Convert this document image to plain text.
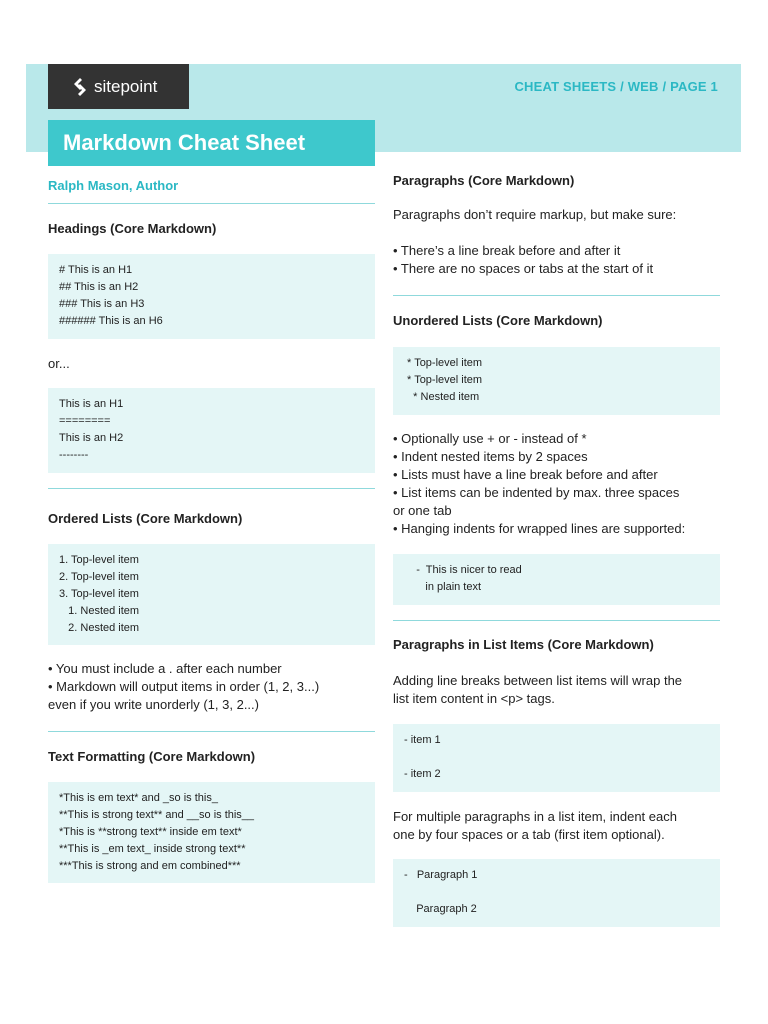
sitepoint	CHEAT SHEETS / WEB / PAGE 1
Markdown Cheat Sheet
Ralph Mason, Author
Headings (Core Markdown)
# This is an H1
## This is an H2
### This is an H3
###### This is an H6
or...
This is an H1
========
This is an H2
--------
Ordered Lists (Core Markdown)
1. Top-level item
2. Top-level item
3. Top-level item
1. Nested item
2. Nested item
• You must include a . after each number
• Markdown will output items in order (1, 2, 3...)
even if you write unorderly (1, 3, 2...)
Text Formatting (Core Markdown)
*This is em text* and _so is this_
**This is strong text** and __so is this__
*This is **strong text** inside em text*
**This is _em text_ inside strong text**
***This is strong and em combined***
Paragraphs (Core Markdown)
Paragraphs don’t require markup, but make sure:
• There’s a line break before and after it
• There are no spaces or tabs at the start of it
Unordered Lists (Core Markdown)
* Top-level item
* Top-level item
* Nested item
• Optionally use + or - instead of *
• Indent nested items by 2 spaces
• Lists must have a line break before and after
• List items can be indented by max. three spaces
or one tab
• Hanging indents for wrapped lines are supported:
-  This is nicer to read
in plain text
Paragraphs in List Items (Core Markdown)
Adding line breaks between list items will wrap the
list item content in <p> tags.
- item 1

- item 2
For multiple paragraphs in a list item, indent each
one by four spaces or a tab (first item optional).
-   Paragraph 1

Paragraph 2
